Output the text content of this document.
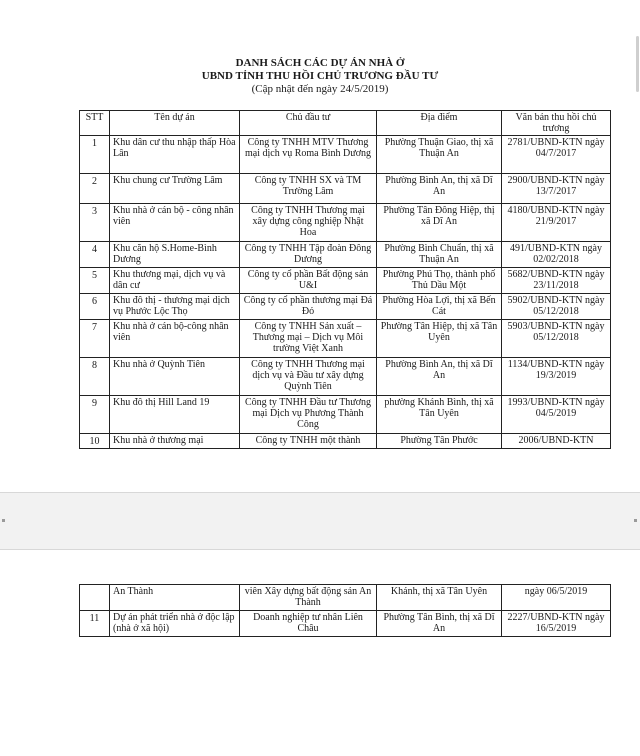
DANH SÁCH CÁC DỰ ÁN NHÀ Ở
UBND TỈNH THU HỒI CHỦ TRƯƠNG ĐẦU TƯ
(Cập nhật đến ngày 24/5/2019)
STT	Tên dự án	Chủ đầu tư	Địa điểm	Văn bản thu hồi chủ trương
1	Khu dân cư thu nhập thấp Hòa Lân	Công ty TNHH MTV Thương mại dịch vụ Roma Bình Dương	Phường Thuận Giao, thị xã Thuận An	2781/UBND-KTN ngày 04/7/2017
2	Khu chung cư Trường Lâm	Công ty TNHH SX và TM Trường Lâm	Phường Bình An, thị xã Dĩ An	2900/UBND-KTN ngày 13/7/2017
3	Khu nhà ở cán bộ - công nhân viên	Công ty TNHH Thương mại xây dựng công nghiệp Nhật Hoa	Phường Tân Đông Hiệp, thị xã Dĩ An	4180/UBND-KTN ngày 21/9/2017
4	Khu căn hộ S.Home-Bình Dương	Công ty TNHH Tập đoàn Đông Dương	Phường Bình Chuẩn, thị xã Thuận An	491/UBND-KTN ngày 02/02/2018
5	Khu thương mại, dịch vụ và dân cư	Công ty cổ phần Bất động sản U&I	Phường Phú Thọ, thành phố Thủ Dầu Một	5682/UBND-KTN ngày 23/11/2018
6	Khu đô thị - thương mại dịch vụ Phước Lộc Thọ	Công ty cổ phần thương mại Đá Đỏ	Phường Hòa Lợi, thị xã Bến Cát	5902/UBND-KTN ngày 05/12/2018
7	Khu nhà ở cán bộ-công nhân viên	Công ty TNHH Sản xuất – Thương mại – Dịch vụ Môi trường Việt Xanh	Phường Tân Hiệp, thị xã Tân Uyên	5903/UBND-KTN ngày 05/12/2018
8	Khu nhà ở Quỳnh Tiên	Công ty TNHH Thương mại dịch vụ và Đầu tư xây dựng Quỳnh Tiên	Phường Bình An, thị xã Dĩ An	1134/UBND-KTN ngày 19/3/2019
9	Khu đô thị Hill Land 19	Công ty TNHH Đầu tư Thương mại Dịch vụ Phương Thành Công	phường Khánh Bình, thị xã Tân Uyên	1993/UBND-KTN ngày 04/5/2019
10	Khu nhà ở thương mại	Công ty TNHH một thành	Phường Tân Phước	2006/UBND-KTN
	An Thành	viên Xây dựng bất động sản An Thành	Khánh, thị xã Tân Uyên	ngày 06/5/2019
11	Dự án phát triển nhà ở độc lập (nhà ở xã hội)	Doanh nghiệp tư nhân Liên Châu	Phường Tân Bình, thị xã Dĩ An	2227/UBND-KTN ngày 16/5/2019
